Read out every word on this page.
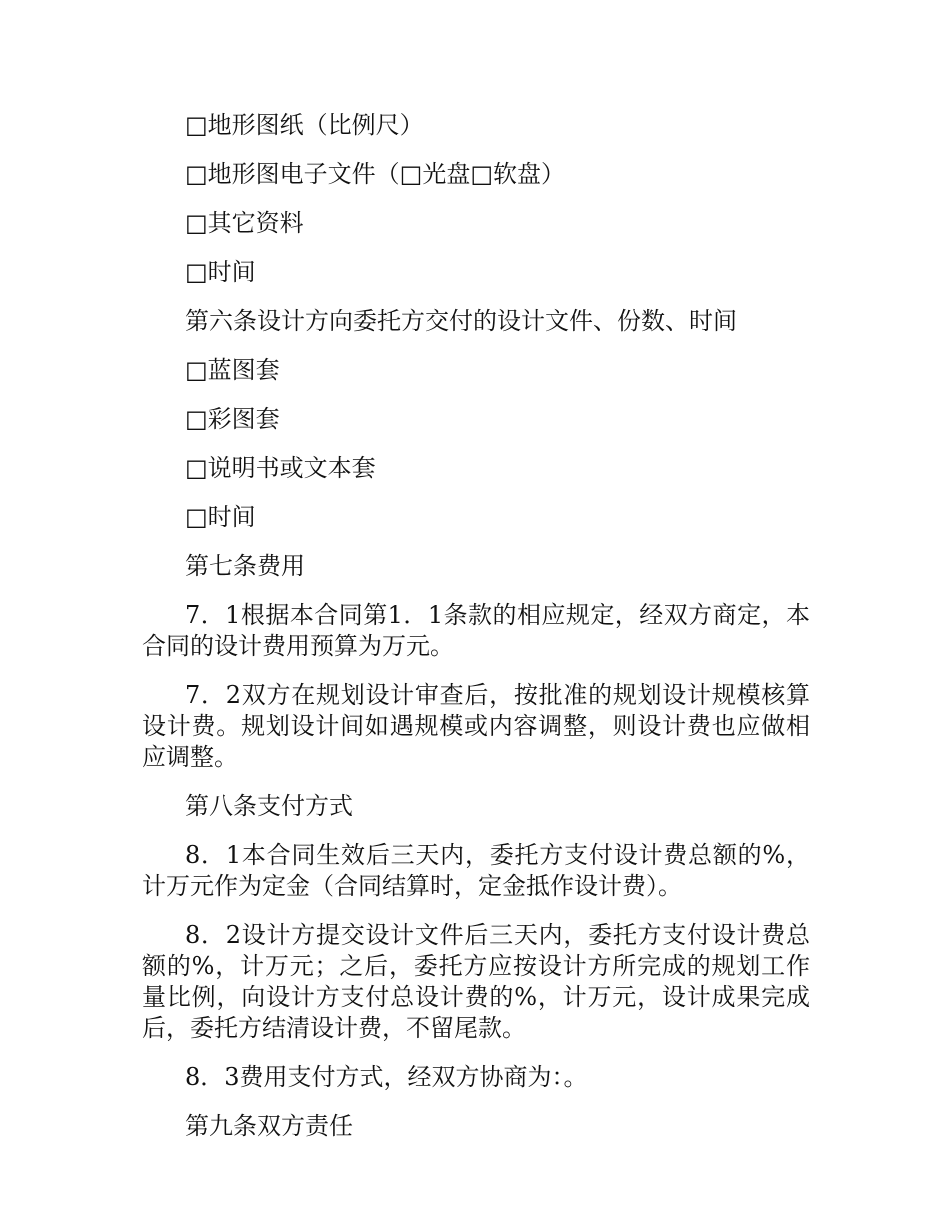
□地形图纸（比例尺）

□地形图电子文件（□光盘□软盘）

□其它资料

□时间

第六条设计方向委托方交付的设计文件、份数、时间

□蓝图套

□彩图套

□说明书或文本套

□时间

第七条费用

7．1根据本合同第1．1条款的相应规定，经双方商定，本合同的设计费用预算为万元。

7．2双方在规划设计审查后，按批准的规划设计规模核算设计费。规划设计间如遇规模或内容调整，则设计费也应做相应调整。

第八条支付方式

8．1本合同生效后三天内，委托方支付设计费总额的%，计万元作为定金（合同结算时，定金抵作设计费）。

8．2设计方提交设计文件后三天内，委托方支付设计费总额的%，计万元；之后，委托方应按设计方所完成的规划工作量比例，向设计方支付总设计费的%，计万元，设计成果完成后，委托方结清设计费，不留尾款。

8．3费用支付方式，经双方协商为：。

第九条双方责任
